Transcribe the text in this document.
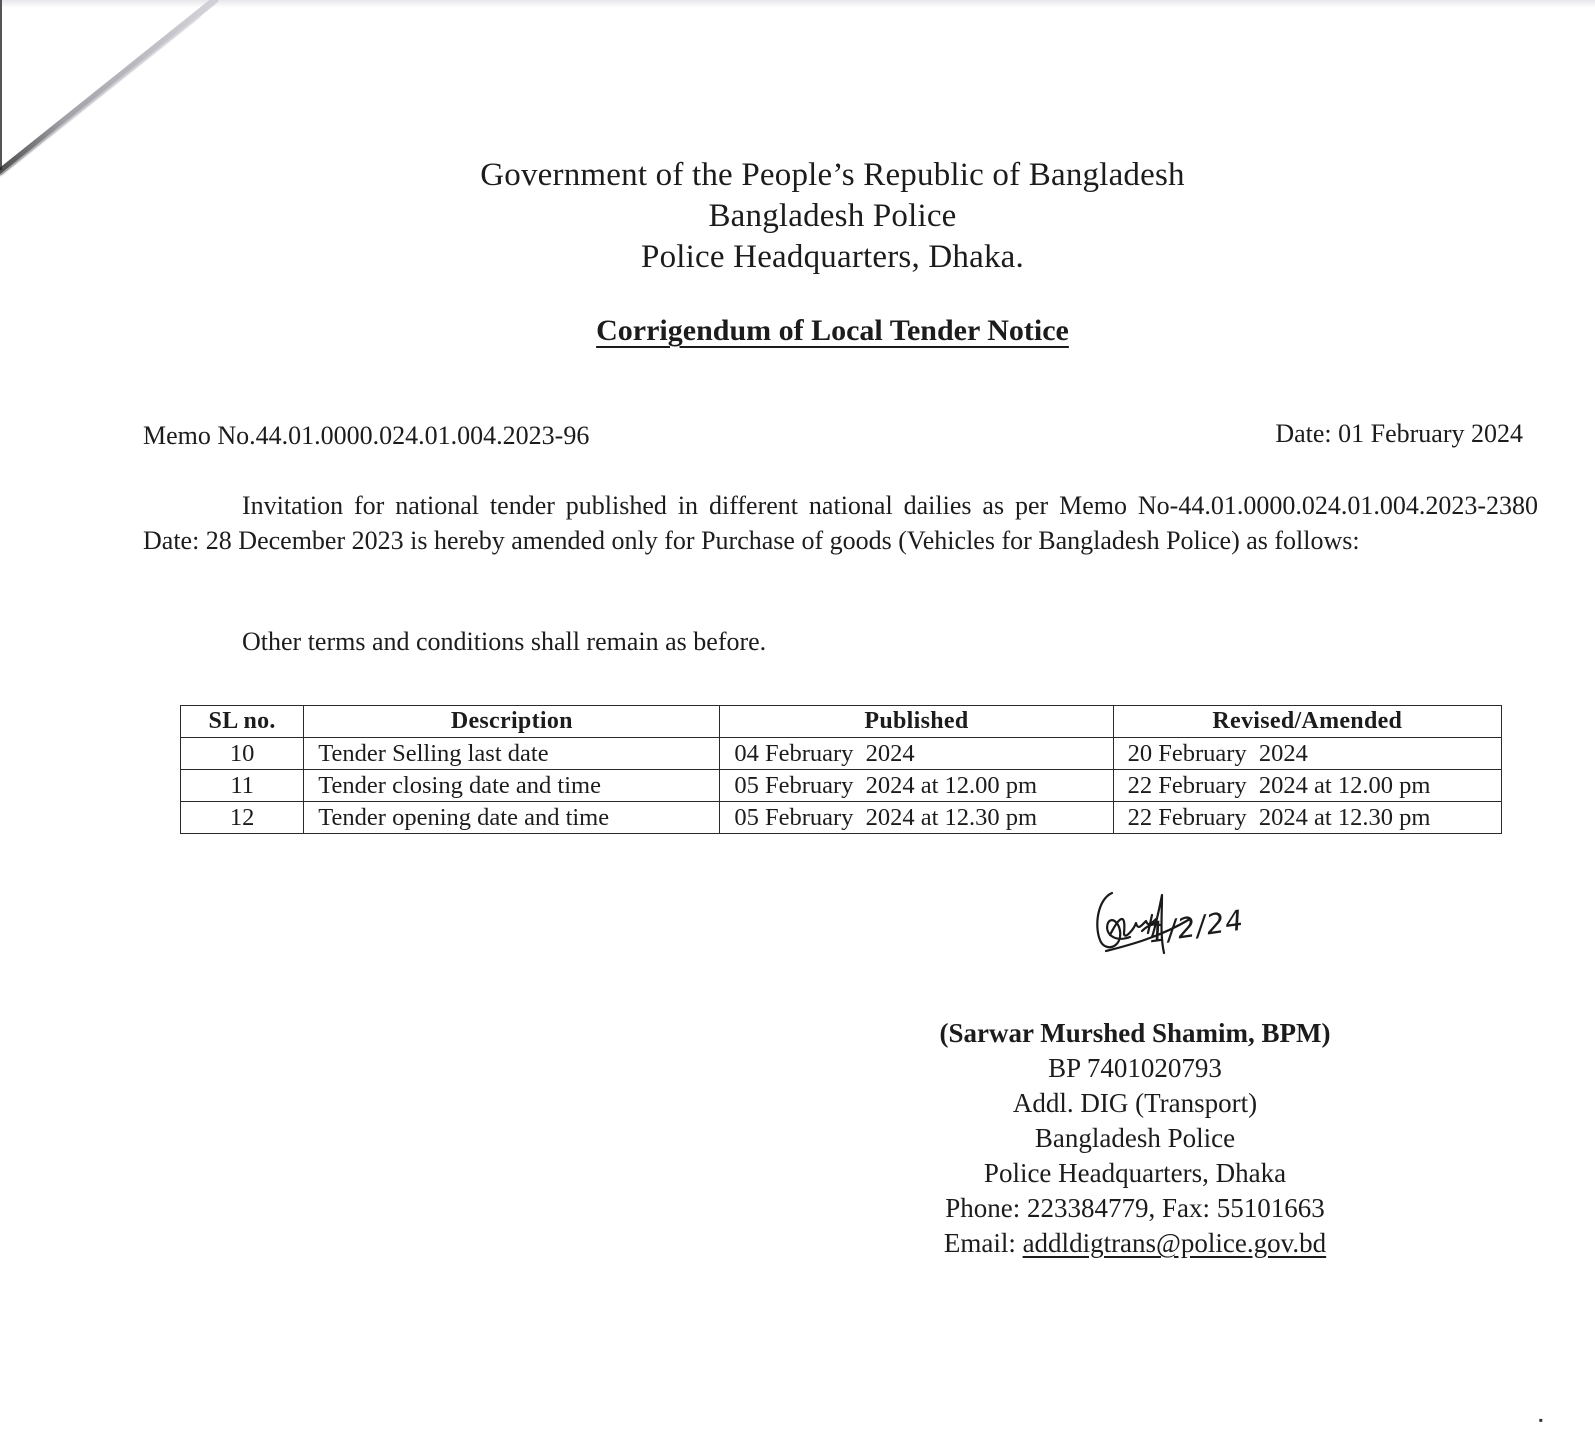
Government of the People’s Republic of Bangladesh
Bangladesh Police
Police Headquarters, Dhaka.
Corrigendum of Local Tender Notice
Memo No.44.01.0000.024.01.004.2023-96	Date: 01 February 2024
Invitation for national tender published in different national dailies as per Memo No-44.01.0000.024.01.004.2023-2380 Date: 28 December 2023 is hereby amended only for Purchase of goods (Vehicles for Bangladesh Police) as follows:
Other terms and conditions shall remain as before.
SL no.	Description	Published	Revised/Amended
10	Tender Selling last date	04 February  2024	20 February  2024
11	Tender closing date and time	05 February  2024 at 12.00 pm	22 February  2024 at 12.00 pm
12	Tender opening date and time	05 February  2024 at 12.30 pm	22 February  2024 at 12.30 pm
1/2/24
(Sarwar Murshed Shamim, BPM)
BP 7401020793
Addl. DIG (Transport)
Bangladesh Police
Police Headquarters, Dhaka
Phone: 223384779, Fax: 55101663
Email: addldigtrans@police.gov.bd
▪
